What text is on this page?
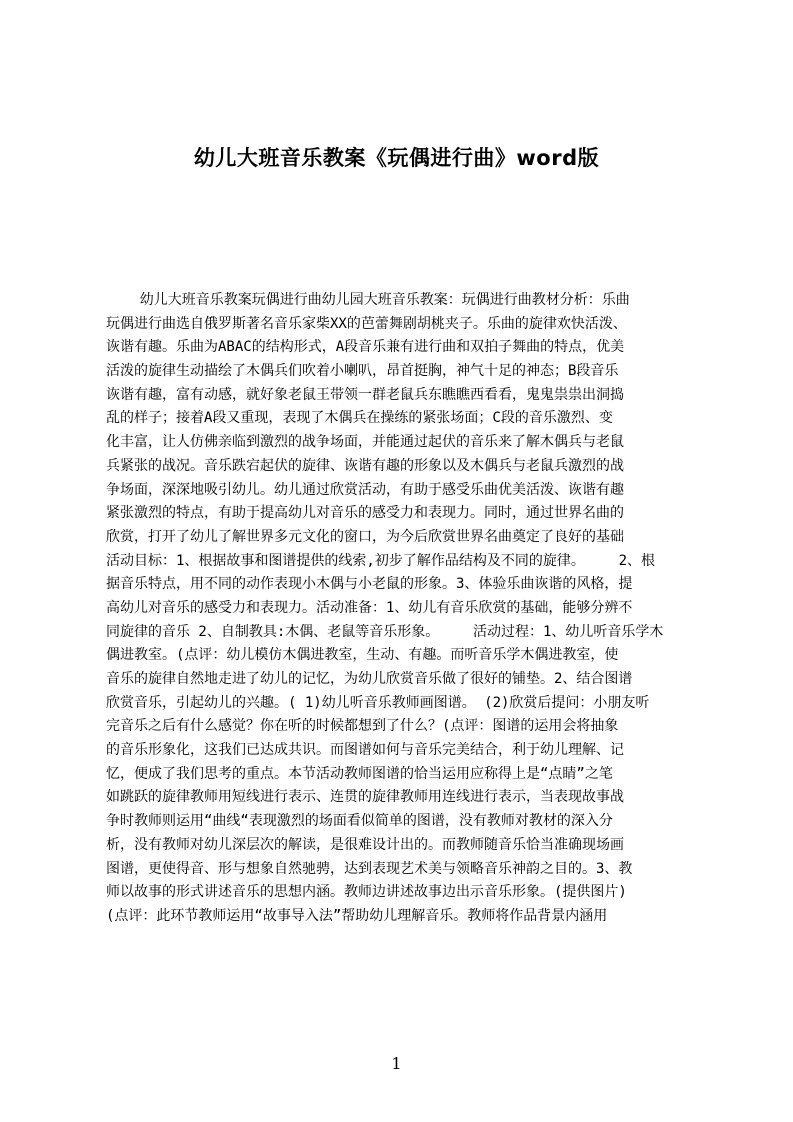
幼儿大班音乐教案《玩偶进行曲》word版
幼儿大班音乐教案玩偶进行曲幼儿园大班音乐教案：玩偶进行曲教材分析：乐曲
玩偶进行曲选自俄罗斯著名音乐家柴XX的芭蕾舞剧胡桃夹子。乐曲的旋律欢快活泼、
诙谐有趣。乐曲为ABAC的结构形式，A段音乐兼有进行曲和双拍子舞曲的特点，优美
活泼的旋律生动描绘了木偶兵们吹着小喇叭，昂首挺胸，神气十足的神态；B段音乐
诙谐有趣，富有动感，就好象老鼠王带领一群老鼠兵东瞧瞧西看看，鬼鬼祟祟出洞捣
乱的样子；接着A段又重现，表现了木偶兵在操练的紧张场面；C段的音乐激烈、变
化丰富，让人仿佛亲临到激烈的战争场面，并能通过起伏的音乐来了解木偶兵与老鼠
兵紧张的战况。音乐跌宕起伏的旋律、诙谐有趣的形象以及木偶兵与老鼠兵激烈的战
争场面，深深地吸引幼儿。幼儿通过欣赏活动，有助于感受乐曲优美活泼、诙谐有趣
紧张激烈的特点，有助于提高幼儿对音乐的感受力和表现力。同时，通过世界名曲的
欣赏，打开了幼儿了解世界多元文化的窗口，为今后欣赏世界名曲奠定了良好的基础
活动目标：1、根据故事和图谱提供的线索,初步了解作品结构及不同的旋律。    2、根
据音乐特点，用不同的动作表现小木偶与小老鼠的形象。3、体验乐曲诙谐的风格，提
高幼儿对音乐的感受力和表现力。活动准备：1、幼儿有音乐欣赏的基础，能够分辨不
同旋律的音乐 2、自制教具:木偶、老鼠等音乐形象。    活动过程：1、幼儿听音乐学木
偶进教室。(点评：幼儿模仿木偶进教室，生动、有趣。而听音乐学木偶进教室，使
音乐的旋律自然地走进了幼儿的记忆，为幼儿欣赏音乐做了很好的铺垫。2、结合图谱
欣赏音乐，引起幼儿的兴趣。( 1)幼儿听音乐教师画图谱。 (2)欣赏后提问：小朋友听
完音乐之后有什么感觉？你在听的时候都想到了什么？(点评：图谱的运用会将抽象
的音乐形象化，这我们已达成共识。而图谱如何与音乐完美结合，利于幼儿理解、记
忆，便成了我们思考的重点。本节活动教师图谱的恰当运用应称得上是“点睛”之笔
如跳跃的旋律教师用短线进行表示、连贯的旋律教师用连线进行表示，当表现故事战
争时教师则运用“曲线“表现激烈的场面看似简单的图谱，没有教师对教材的深入分
析，没有教师对幼儿深层次的解读，是很难设计出的。而教师随音乐恰当准确现场画
图谱，更使得音、形与想象自然驰骋，达到表现艺术美与领略音乐神韵之目的。3、教
师以故事的形式讲述音乐的思想内涵。教师边讲述故事边出示音乐形象。(提供图片)
(点评：此环节教师运用“故事导入法”帮助幼儿理解音乐。教师将作品背景内涵用
1
